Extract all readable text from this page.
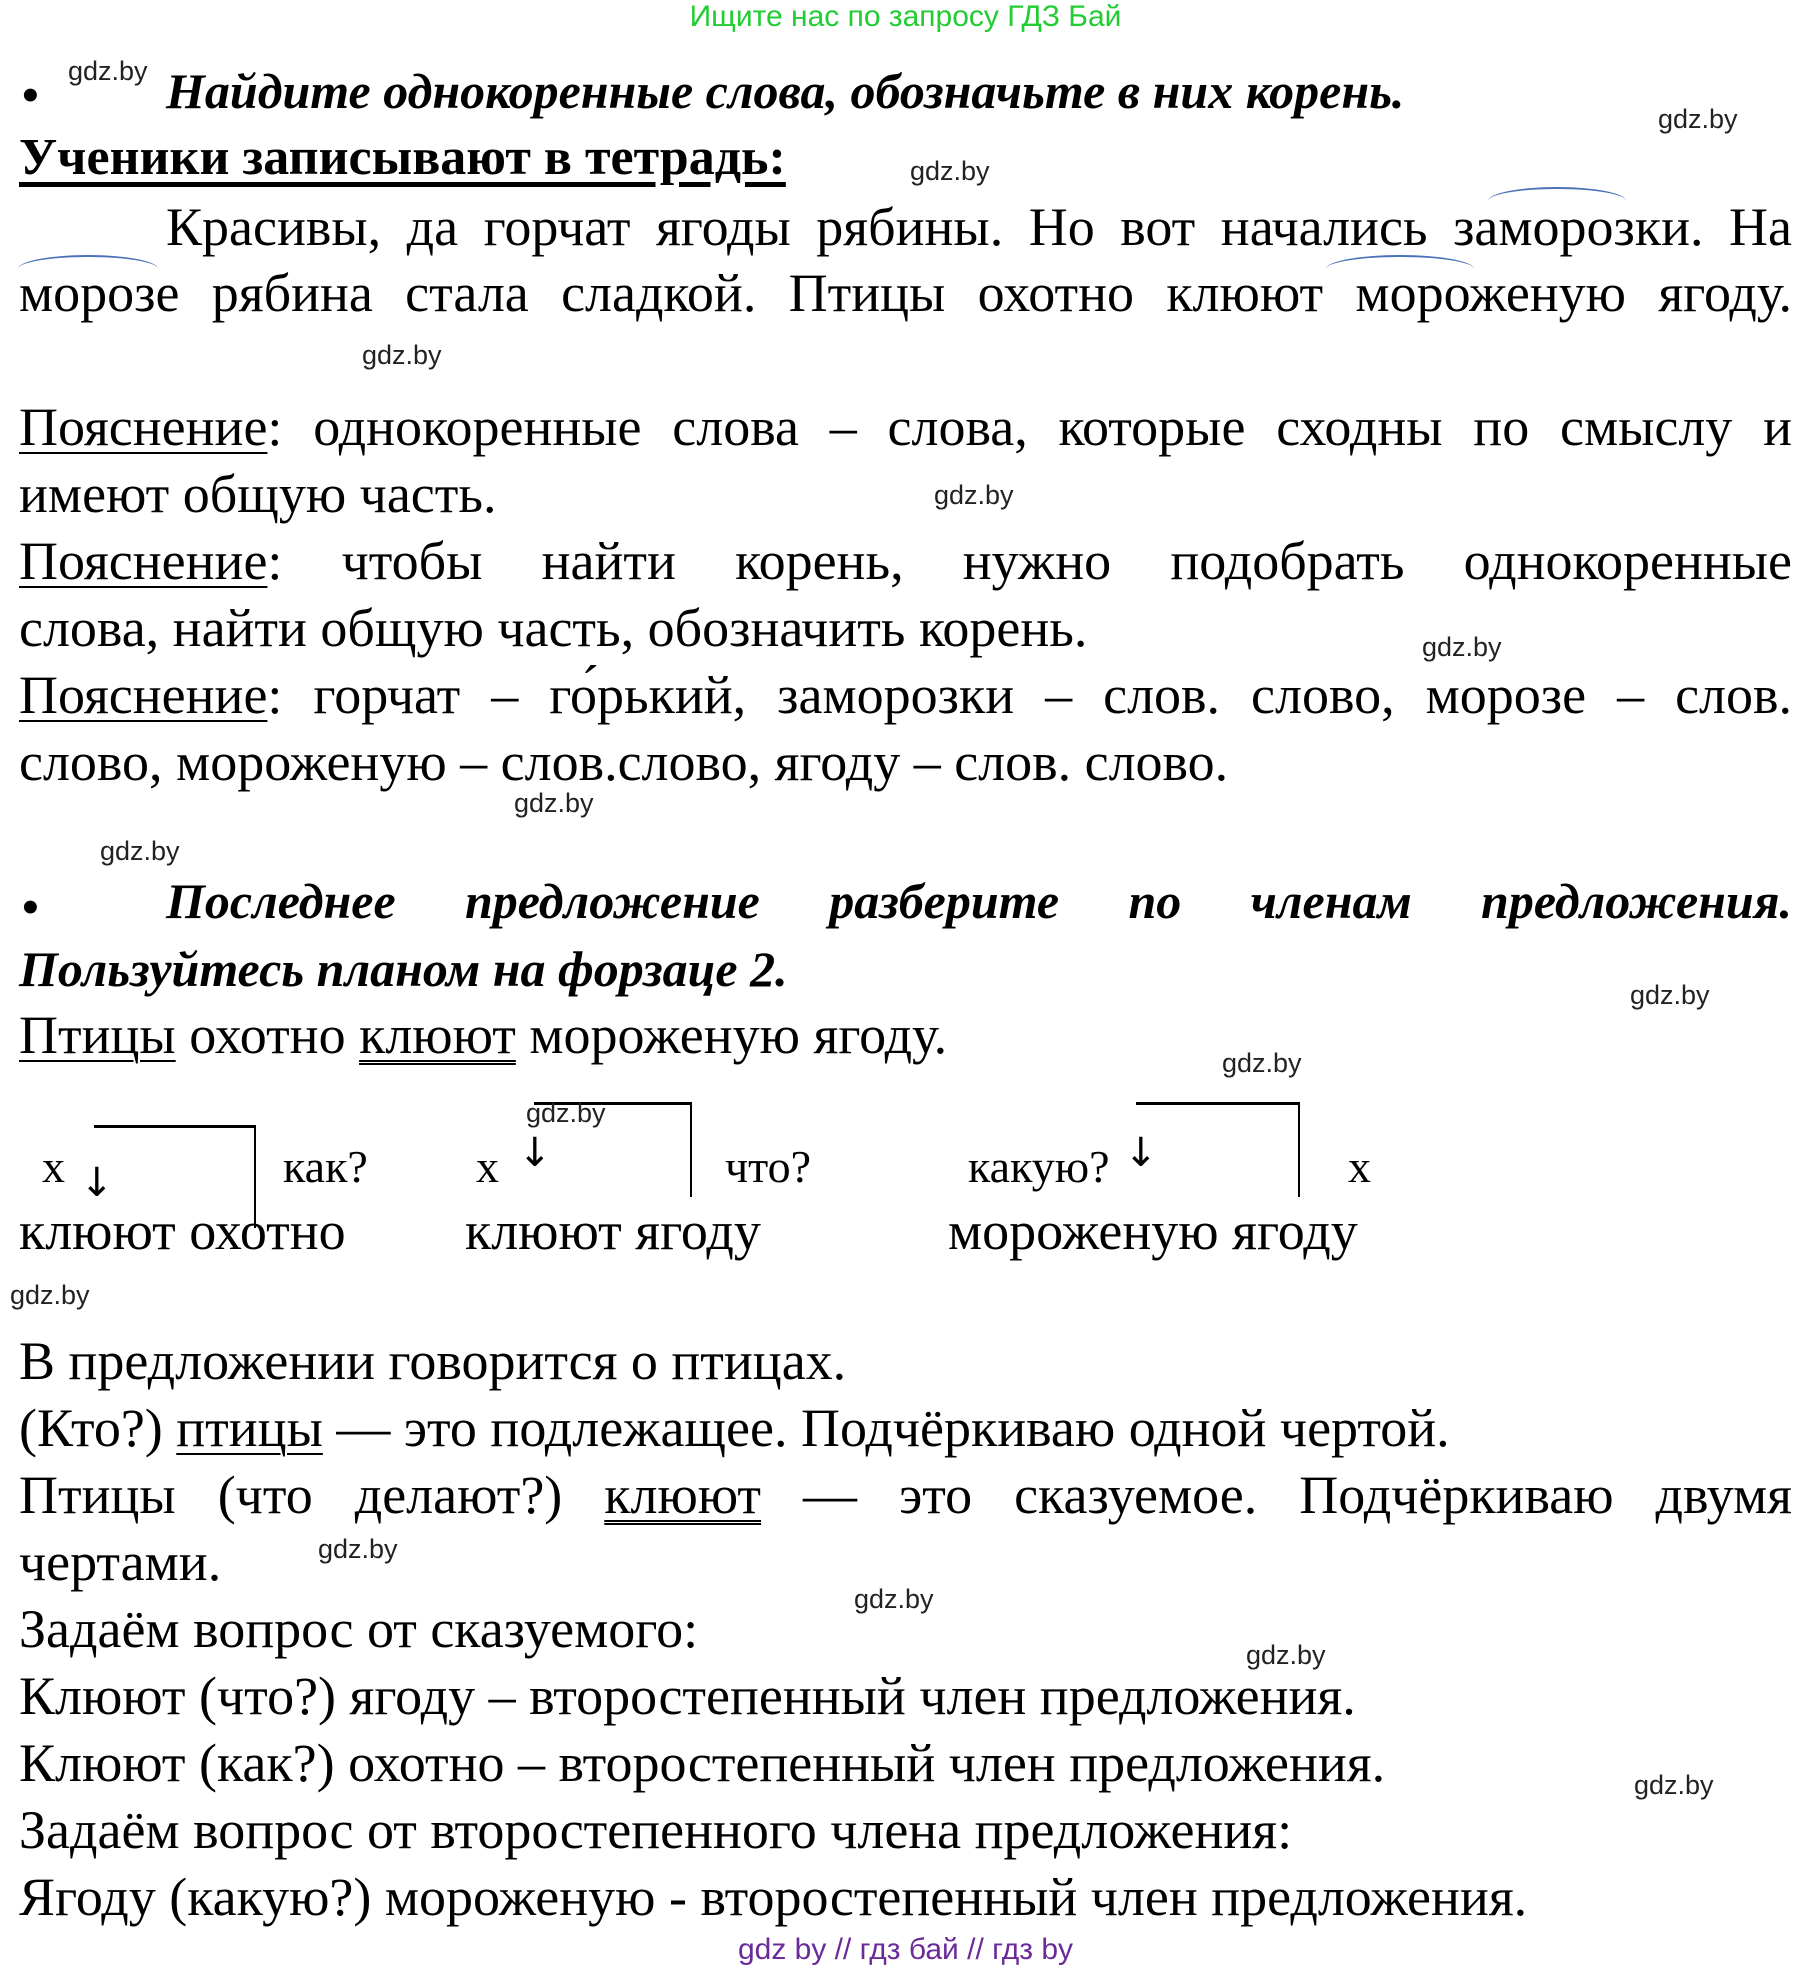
Ищите нас по запросу ГДЗ Бай
• gdz.by Найдите однокоренные слова, обозначьте в них корень.	gdz.by
Ученики записывают в тетрадь:	gdz.by
Красивы, да горчат ягоды рябины. Но вот начались заморозки. На
морозе рябина стала сладкой. Птицы охотно клюют мороженую ягоду.
gdz.by
Пояснение: однокоренные слова – слова, которые сходны по смыслу и
имеют общую часть.	gdz.by
Пояснение: чтобы найти корень, нужно подобрать однокоренные
слова, найти общую часть, обозначить корень.	gdz.by
Пояснение: горчат – го́рький, заморозки – слов. слово, морозе – слов.
слово, мороженую – слов.слово, ягоду – слов. слово.
gdz.by
gdz.by
•	Последнее предложение разберите по членам предложения.
Пользуйтесь планом на форзаце 2.	gdz.by
Птицы охотно клюют мороженую ягоду.	gdz.by
↓
x	как?
клюют охотно
↓
gdz.by
x	что?
клюют ягоду
↓
какую?	x
мороженую ягоду
gdz.by
В предложении говорится о птицах.
(Кто?) птицы — это подлежащее. Подчёркиваю одной чертой.
Птицы (что делают?) клюют — это сказуемое. Подчёркиваю двумя
чертами.	gdz.by
gdz.by
Задаём вопрос от сказуемого:	gdz.by
Клюют (что?) ягоду – второстепенный член предложения.
Клюют (как?) охотно – второстепенный член предложения.	gdz.by
Задаём вопрос от второстепенного члена предложения:
Ягоду (какую?) мороженую - второстепенный член предложения.
gdz by // гдз бай // гдз by
